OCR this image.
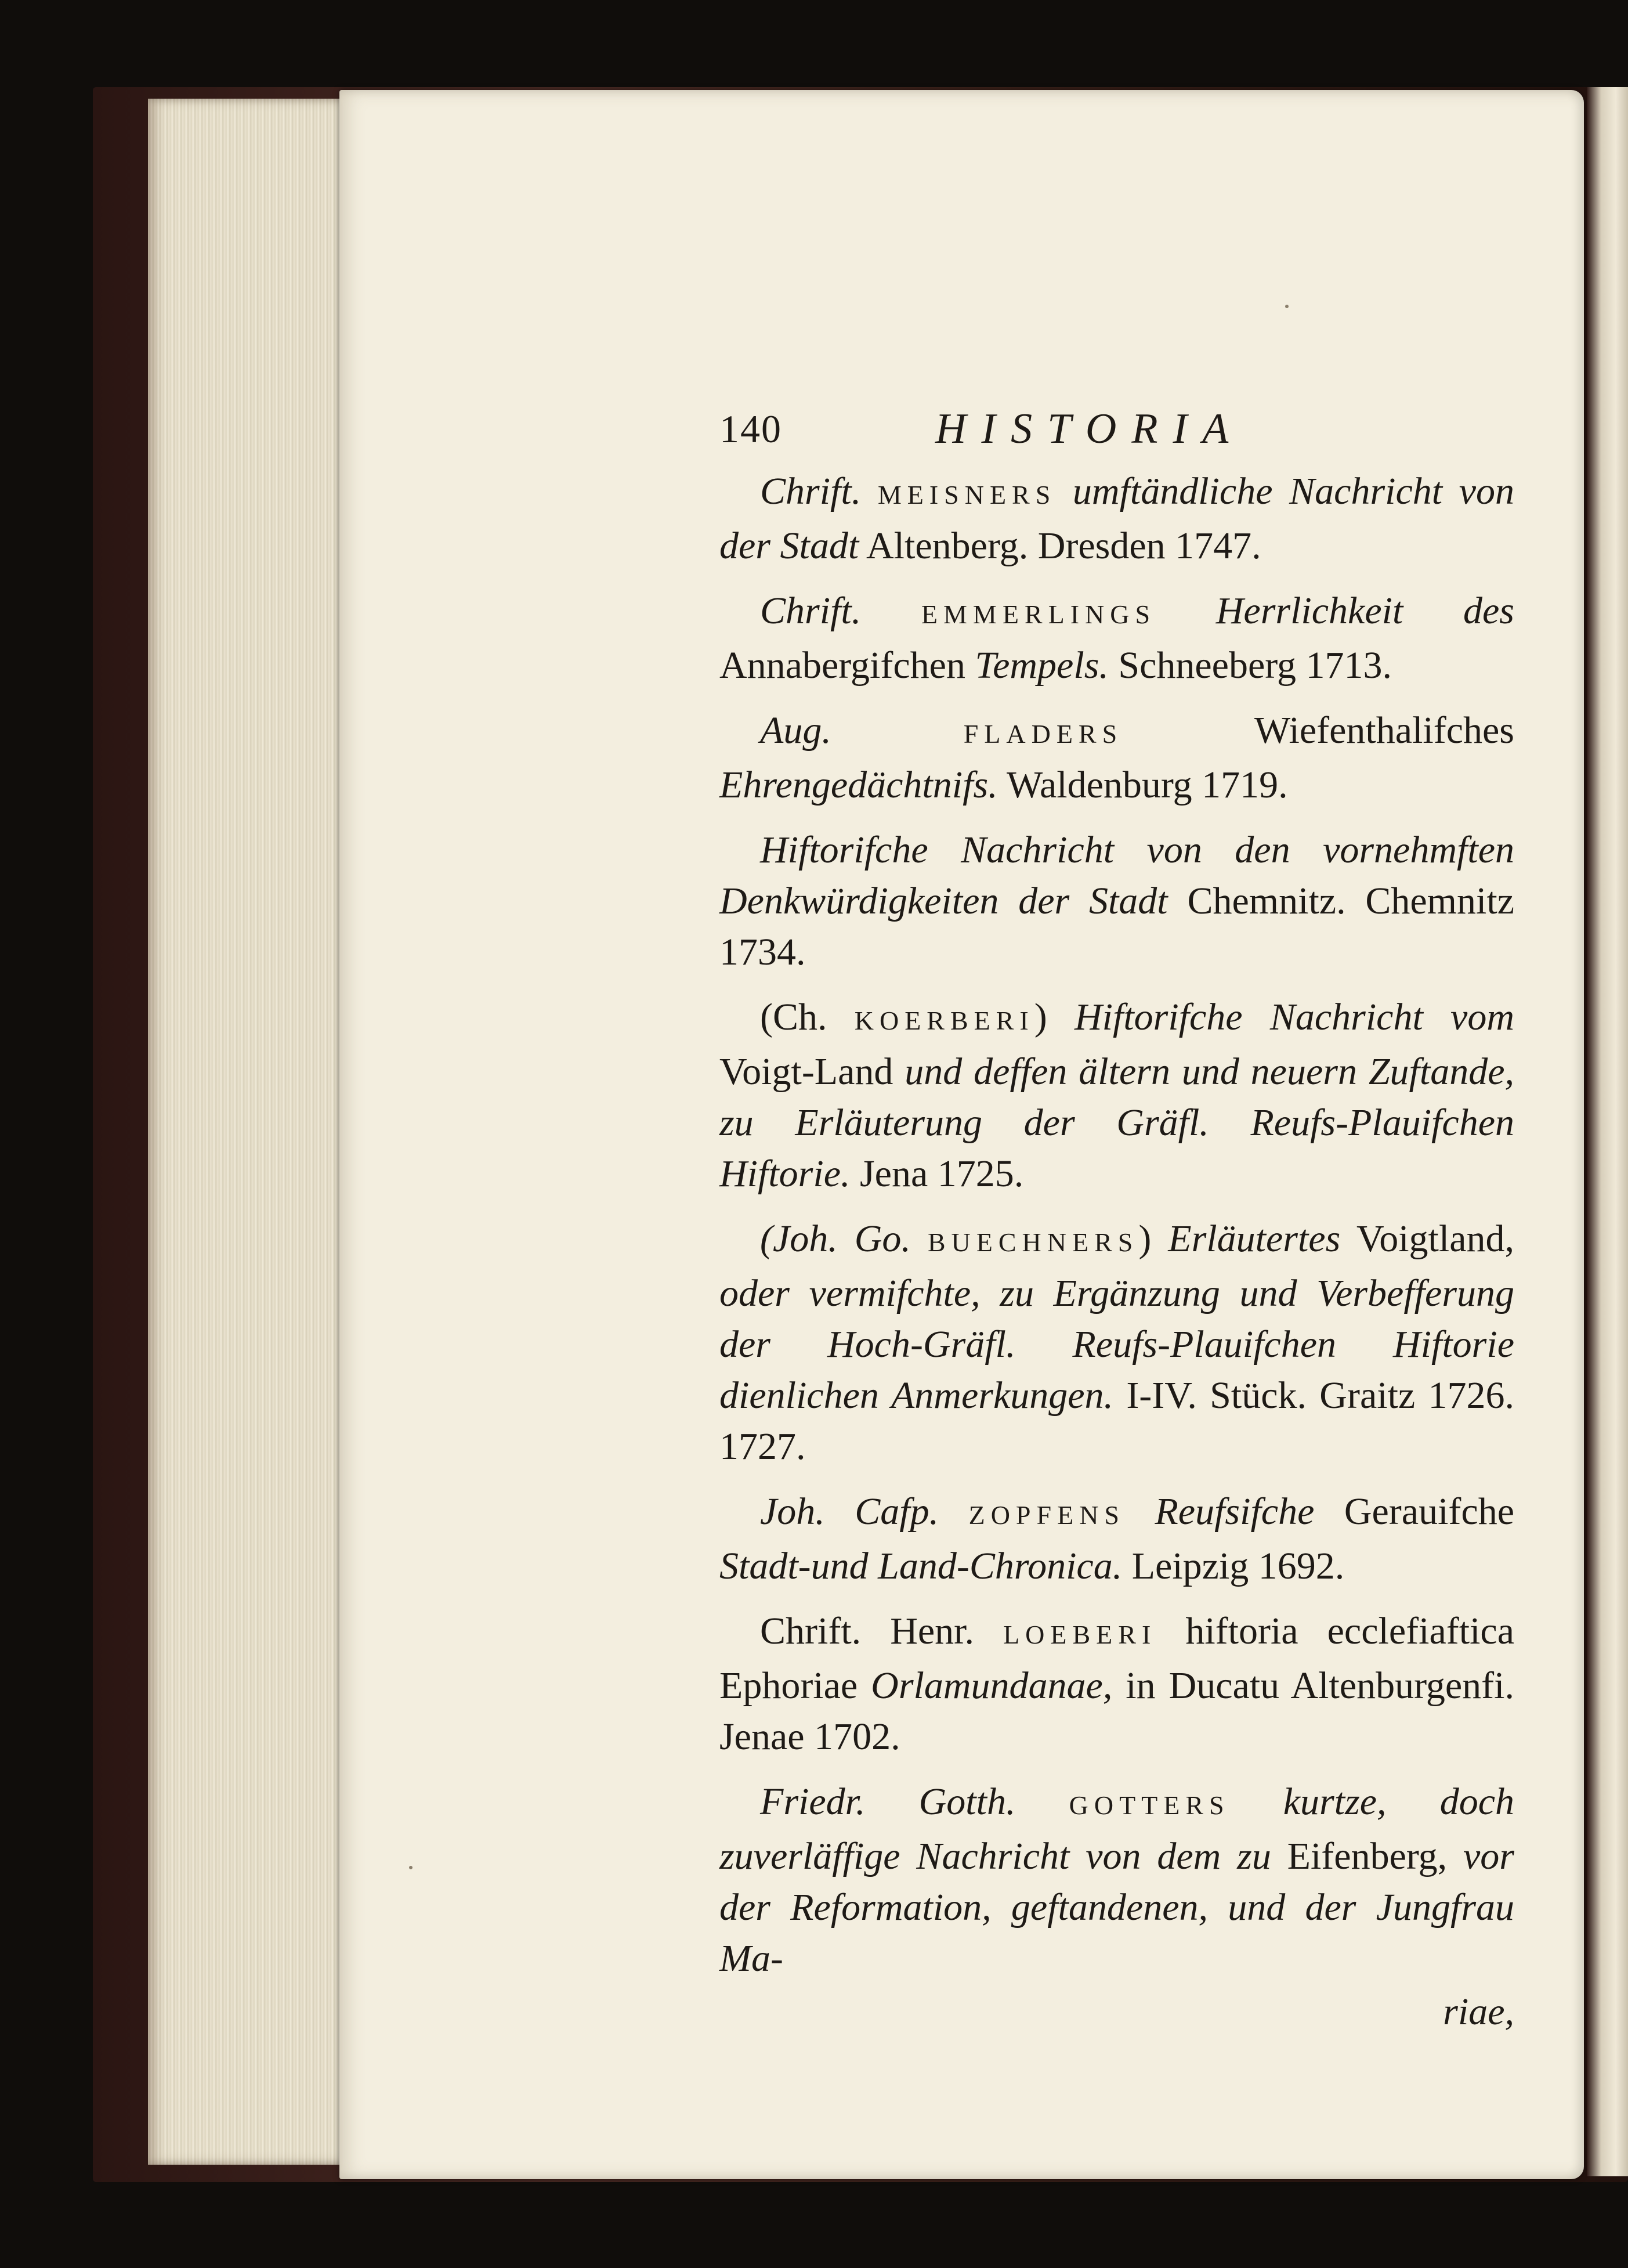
140	HISTORIA

Chrift. MEISNERS umftändliche Nachricht von der Stadt Altenberg. Dresden 1747.

Chrift. EMMERLINGS Herrlichkeit des Annabergifchen Tempels. Schneeberg 1713.

Aug. FLADERS Wiefenthalifches Ehrengedächtnifs. Waldenburg 1719.

Hiftorifche Nachricht von den vornehmften Denkwürdigkeiten der Stadt Chemnitz. Chemnitz 1734.

(Ch. KOERBERI) Hiftorifche Nachricht vom Voigt-Land und deffen ältern und neuern Zuftande, zu Erläuterung der Gräfl. Reufs-Plauifchen Hiftorie. Jena 1725.

(Joh. Go. BUECHNERS) Erläutertes Voigtland, oder vermifchte, zu Ergänzung und Verbefferung der Hoch-Gräfl. Reufs-Plauifchen Hiftorie dienlichen Anmerkungen. I-IV. Stück. Graitz 1726. 1727.

Joh. Cafp. ZOPFENS Reufsifche Gerauifche Stadt-und Land-Chronica. Leipzig 1692.

Chrift. Henr. LOEBERI hiftoria ecclefiaftica Ephoriae Orlamundanae, in Ducatu Altenburgenfi. Jenae 1702.

Friedr. Gotth. GOTTERS kurtze, doch zuverläffige Nachricht von dem zu Eifenberg, vor der Reformation, geftandenen, und der Jungfrau Ma-

riae,
